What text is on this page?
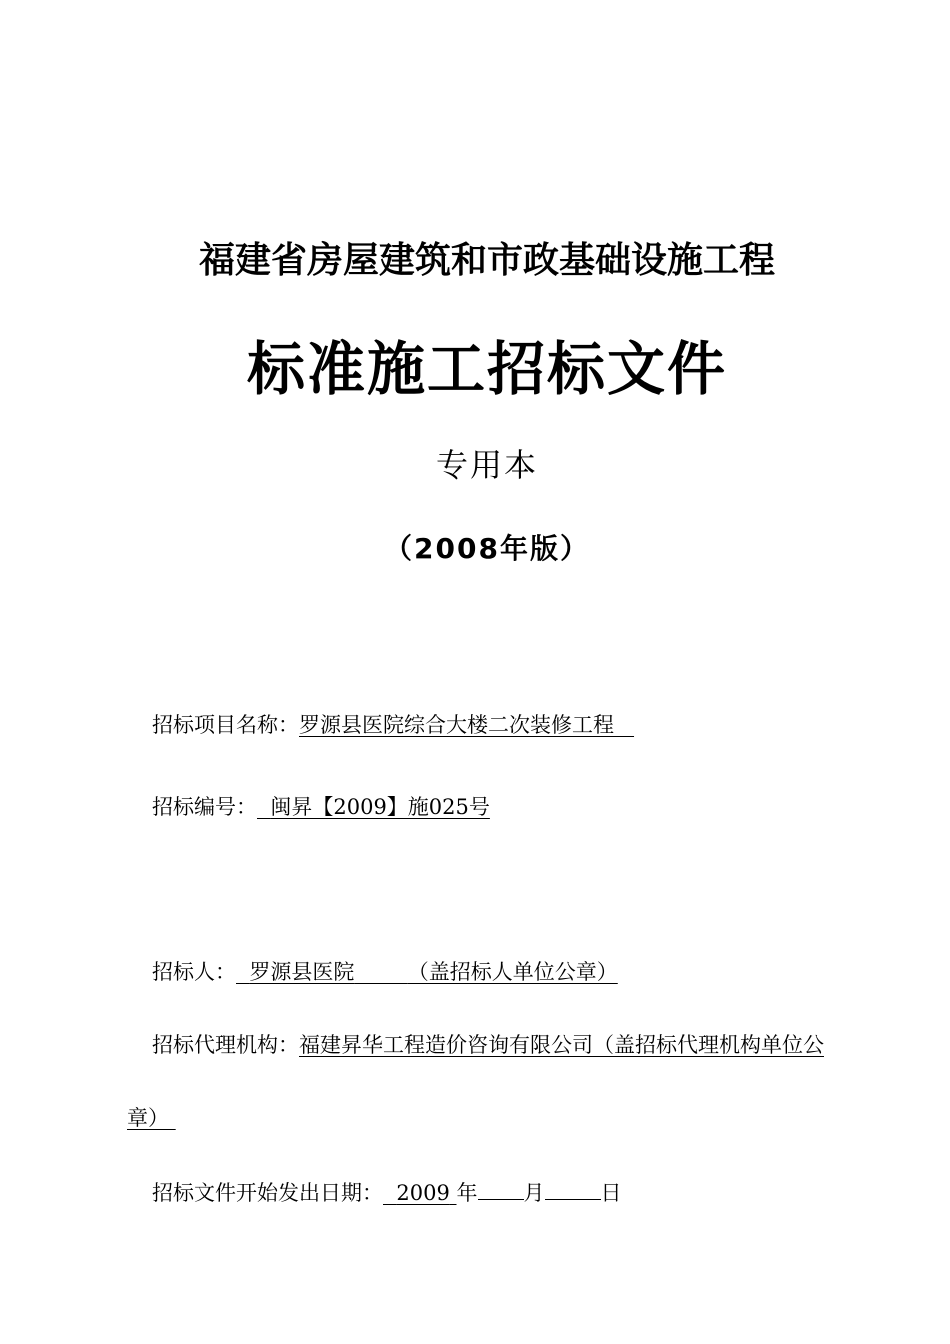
福建省房屋建筑和市政基础设施工程
标准施工招标文件
专用本
（2008年版）
招标项目名称：罗源县医院综合大楼二次装修工程
招标编号： 闽昇【2009】施025号
招标人： 罗源县医院	（盖招标人单位公章）
招标代理机构：福建昇华工程造价咨询有限公司（盖招标代理机构单位公
章）
招标文件开始发出日期： 2009 年 月	日
